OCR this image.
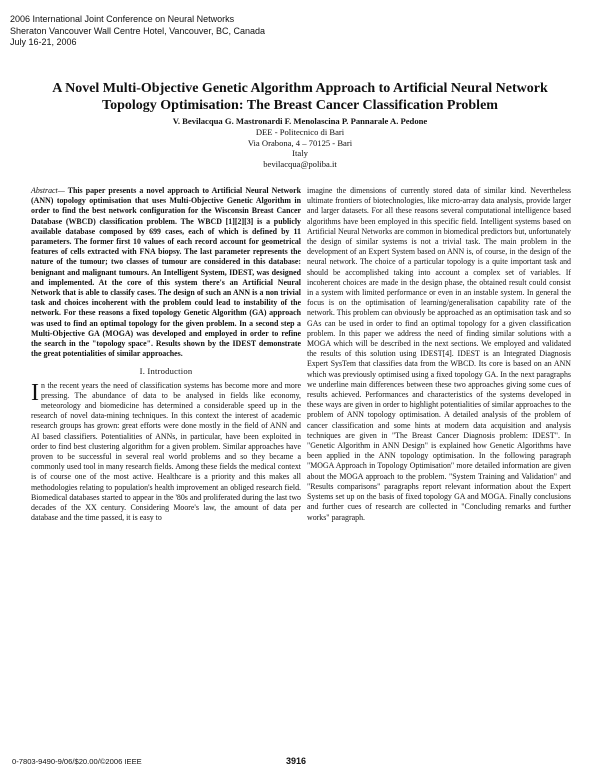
2006 International Joint Conference on Neural Networks
Sheraton Vancouver Wall Centre Hotel, Vancouver, BC, Canada
July 16-21, 2006
A Novel Multi-Objective Genetic Algorithm Approach to Artificial Neural Network Topology Optimisation: The Breast Cancer Classification Problem
V. Bevilacqua G. Mastronardi F. Menolascina P. Pannarale A. Pedone
DEE - Politecnico di Bari
Via Orabona, 4 – 70125 - Bari
Italy
bevilacqua@poliba.it

Abstract— This paper presents a novel approach to Artificial Neural Network (ANN) topology optimisation that uses Multi-Objective Genetic Algorithm in order to find the best network configuration for the Wisconsin Breast Cancer Database (WBCD) classification problem. The WBCD [1][2][3] is a publicly available database composed by 699 cases, each of which is defined by 11 parameters. The former first 10 values of each record account for geometrical features of cells extracted with FNA biopsy. The last parameter represents the nature of the tumour; two classes of tumour are considered in this database: benignant and malignant tumours. An Intelligent System, IDEST, was designed and implemented. At the core of this system there's an Artificial Neural Network that is able to classify cases. The design of such an ANN is a non trivial task and choices incoherent with the problem could lead to instability of the network. For these reasons a fixed topology Genetic Algorithm (GA) approach was used to find an optimal topology for the given problem. In a second step a Multi-Objective GA (MOGA) was developed and employed in order to refine the search in the "topology space". Results shown by the IDEST demonstrate the great potentialities of similar approaches.

I. Introduction

In the recent years the need of classification systems has become more and more pressing. The abundance of data to be analysed in fields like economy, meteorology and biomedicine has determined a considerable speed up in the research of novel data-mining techniques. In this context the interest of academic research groups has grown: great efforts were done mostly in the field of ANN and AI based classifiers. Potentialities of ANNs, in particular, have been exploited in order to find best clustering algorithm for a given problem. Similar approaches have proven to be successful in several real world problems and so they became a commonly used tool in many research fields. Among these fields the medical context is of course one of the most active. Healthcare is a priority and this makes all methodologies relating to population's health improvement an obliged research field. Biomedical databases started to appear in the '80s and proliferated during the last two decades of the XX century. Considering Moore's law, the amount of data per database and the time passed, it is easy to

imagine the dimensions of currently stored data of similar kind. Nevertheless ultimate frontiers of biotechnologies, like micro-array data analysis, provide larger and larger datasets. For all these reasons several computational intelligence based algorithms have been employed in this specific field. Intelligent systems based on Artificial Neural Networks are common in biomedical predictors but, unfortunately the design of similar systems is not a trivial task. The main problem in the development of an Expert System based on ANN is, of course, in the design of the neural network. The choice of a particular topology is a quite important task and should be accomplished taking into account a complex set of variables. If incoherent choices are made in the design phase, the obtained result could consist in a system with limited performance or even in an instable system. In general the focus is on the optimisation of learning/generalisation capability rate of the network. This problem can obviously be approached as an optimisation task and so GAs can be used in order to find an optimal topology for a given classification problem. In this paper we address the need of finding similar solutions with a MOGA which will be described in the next sections. We employed and validated the results of this solution using IDEST[4]. IDEST is an Integrated Diagnosis Expert SysTem that classifies data from the WBCD. Its core is based on an ANN which was previously optimised using a fixed topology GA. In the next paragraphs we underline main differences between these two approaches giving some cues of results achieved. Performances and characteristics of the systems developed in these ways are given in order to highlight potentialities of similar approaches to the problem of ANN topology optimisation. A detailed analysis of the problem of cancer classification and some hints at modern data acquisition and analysis techniques are given in "The Breast Cancer Diagnosis problem: IDEST". In "Genetic Algorithm in ANN Design" is explained how Genetic Algorithms have been applied in the ANN topology optimisation. In the following paragraph "MOGA Approach in Topology Optimisation" more detailed information are given about the MOGA approach to the problem. "System Training and Validation" and "Results comparisons" paragraphs report relevant information about the Expert Systems set up on the basis of fixed topology GA and MOGA. Finally conclusions and further cues of research are collected in "Concluding remarks and further works" paragraph.

0-7803-9490-9/06/$20.00/©2006 IEEE	3916
